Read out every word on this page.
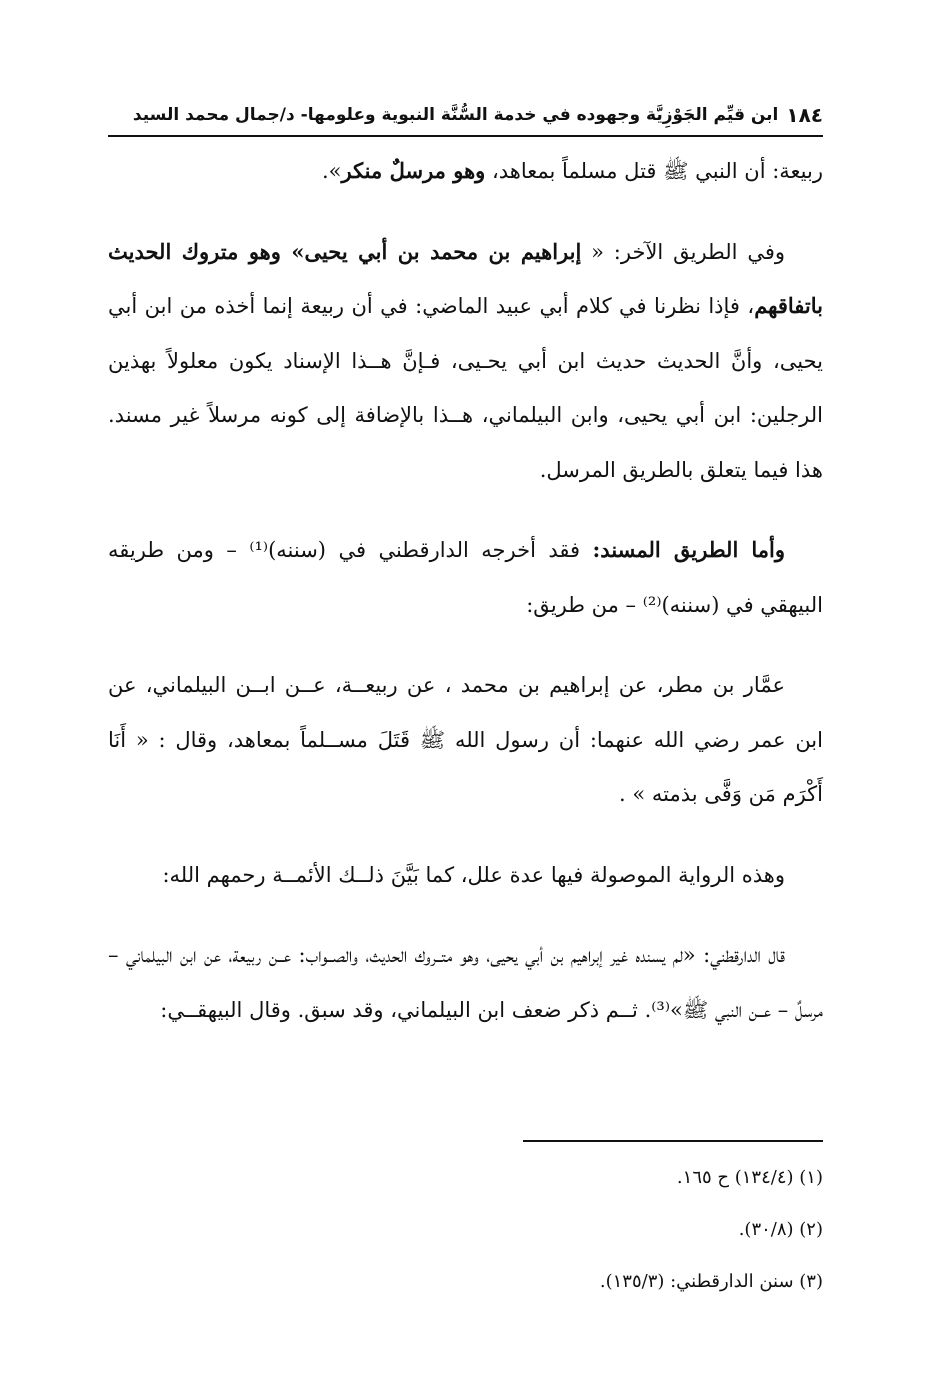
١٨٤
ابن قيِّم الجَوْزِيَّة وجهوده في خدمة السُّنَّة النبوية وعلومها- د/جمال محمد السيد

ربيعة: أن النبي ﷺ قتل مسلماً بمعاهد، وهو مرسلٌ منكر».

وفي الطريق الآخر: « إبراهيم بن محمد بن أبي يحيى» وهو متروك الحديث باتفاقهم، فإذا نظرنا في كلام أبي عبيد الماضي: في أن ربيعة إنما أخذه من ابن أبي يحيى، وأنَّ الحديث حديث ابن أبي يحـيى، فـإنَّ هــذا الإسناد يكون معلولاً بهذين الرجلين: ابن أبي يحيى، وابن البيلماني، هــذا بالإضافة إلى كونه مرسلاً غير مسند. هذا فيما يتعلق بالطريق المرسل.

وأما الطريق المسند: فقد أخرجه الدارقطني في (سننه)⁽¹⁾ – ومن طريقه البيهقي في (سننه)⁽²⁾ – من طريق:

عمَّار بن مطر، عن إبراهيم بن محمد ، عن ربيعــة، عــن ابــن البيلماني، عن ابن عمر رضي الله عنهما: أن رسول الله ﷺ قَتَلَ مســلماً بمعاهد، وقال : « أَنَا أَكْرَم مَن وَفَّى بذمته » .

وهذه الرواية الموصولة فيها عدة علل، كما بَيَّنَ ذلــك الأئمــة رحمهم الله:

قال الدارقطني: «لم يسنده غير إبراهيم بن أبي يحيى، وهو متــروك الحديث، والصــواب: عــن ربيعة، عن ابن البيلماني – مرسلٌ – عــن النبي ﷺ»⁽³⁾. ثــم ذكر ضعف ابن البيلماني، وقد سبق. وقال البيهقــي:

(١) (١٣٤/٤) ح ١٦٥.

(٢) (٣٠/٨).

(٣) سنن الدارقطني: (١٣٥/٣).
